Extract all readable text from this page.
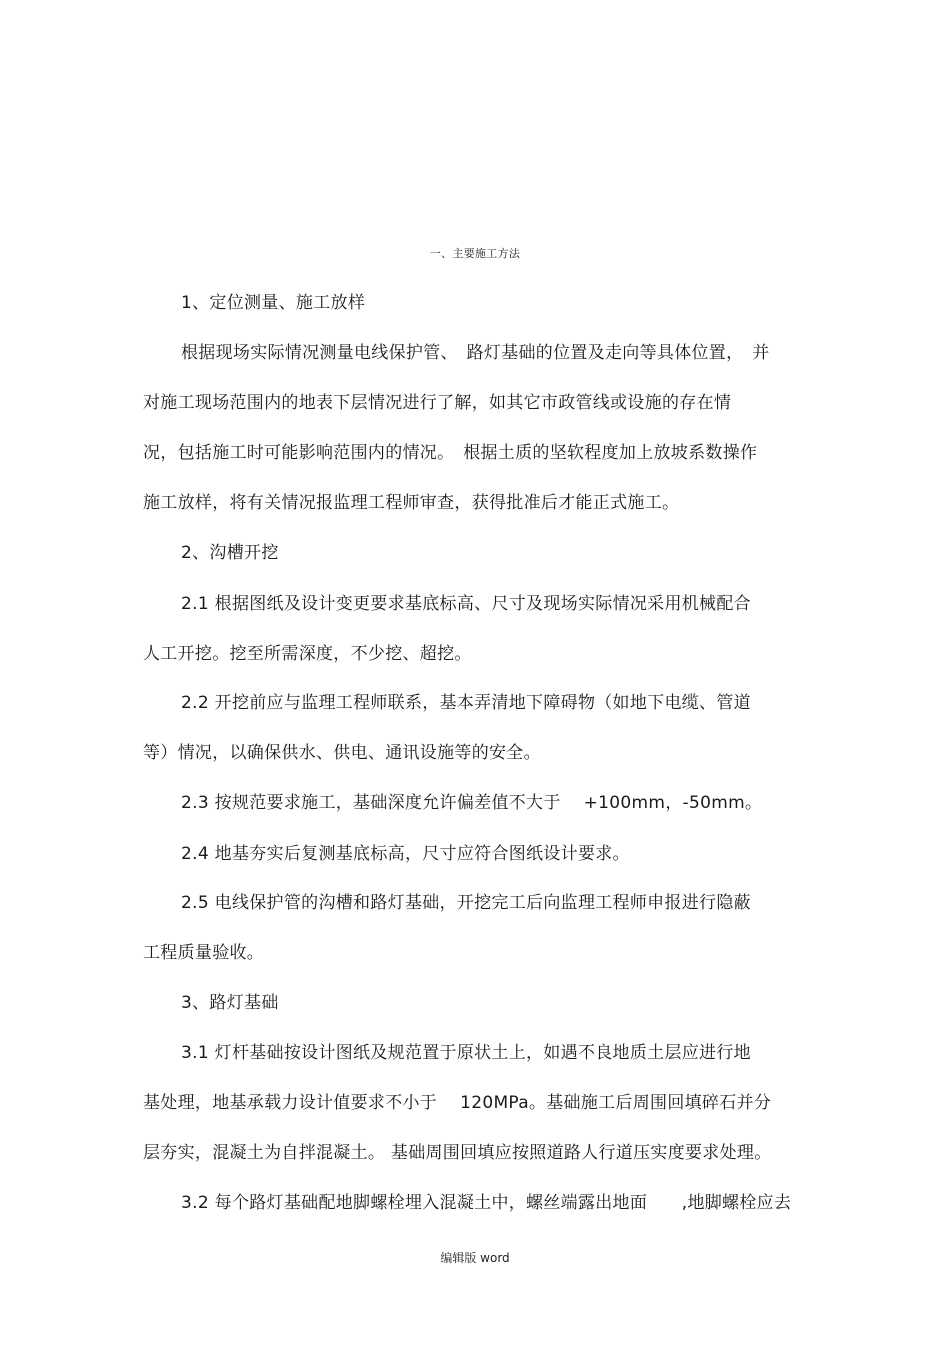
一、主要施工方法
1、定位测量、施工放样
根据现场实际情况测量电线保护管、　路灯基础的位置及走向等具体位置，　并
对施工现场范围内的地表下层情况进行了解，如其它市政管线或设施的存在情
况，包括施工时可能影响范围内的情况。　根据土质的坚软程度加上放坡系数操作
施工放样，将有关情况报监理工程师审查，获得批准后才能正式施工。
2、沟槽开挖
2.1 根据图纸及设计变更要求基底标高、尺寸及现场实际情况采用机械配合
人工开挖。挖至所需深度，不少挖、超挖。
2.2 开挖前应与监理工程师联系，基本弄清地下障碍物（如地下电缆、管道
等）情况，以确保供水、供电、通讯设施等的安全。
2.3 按规范要求施工，基础深度允许偏差值不大于　 +100mm，-50mm。
2.4 地基夯实后复测基底标高，尺寸应符合图纸设计要求。
2.5 电线保护管的沟槽和路灯基础，开挖完工后向监理工程师申报进行隐蔽
工程质量验收。
3、路灯基础
3.1 灯杆基础按设计图纸及规范置于原状土上，如遇不良地质土层应进行地
基处理，地基承载力设计值要求不小于　 120MPa。基础施工后周围回填碎石并分
层夯实，混凝土为自拌混凝土。 基础周围回填应按照道路人行道压实度要求处理。
3.2 每个路灯基础配地脚螺栓埋入混凝土中，螺丝端露出地面　　,地脚螺栓应去
编辑版 word
